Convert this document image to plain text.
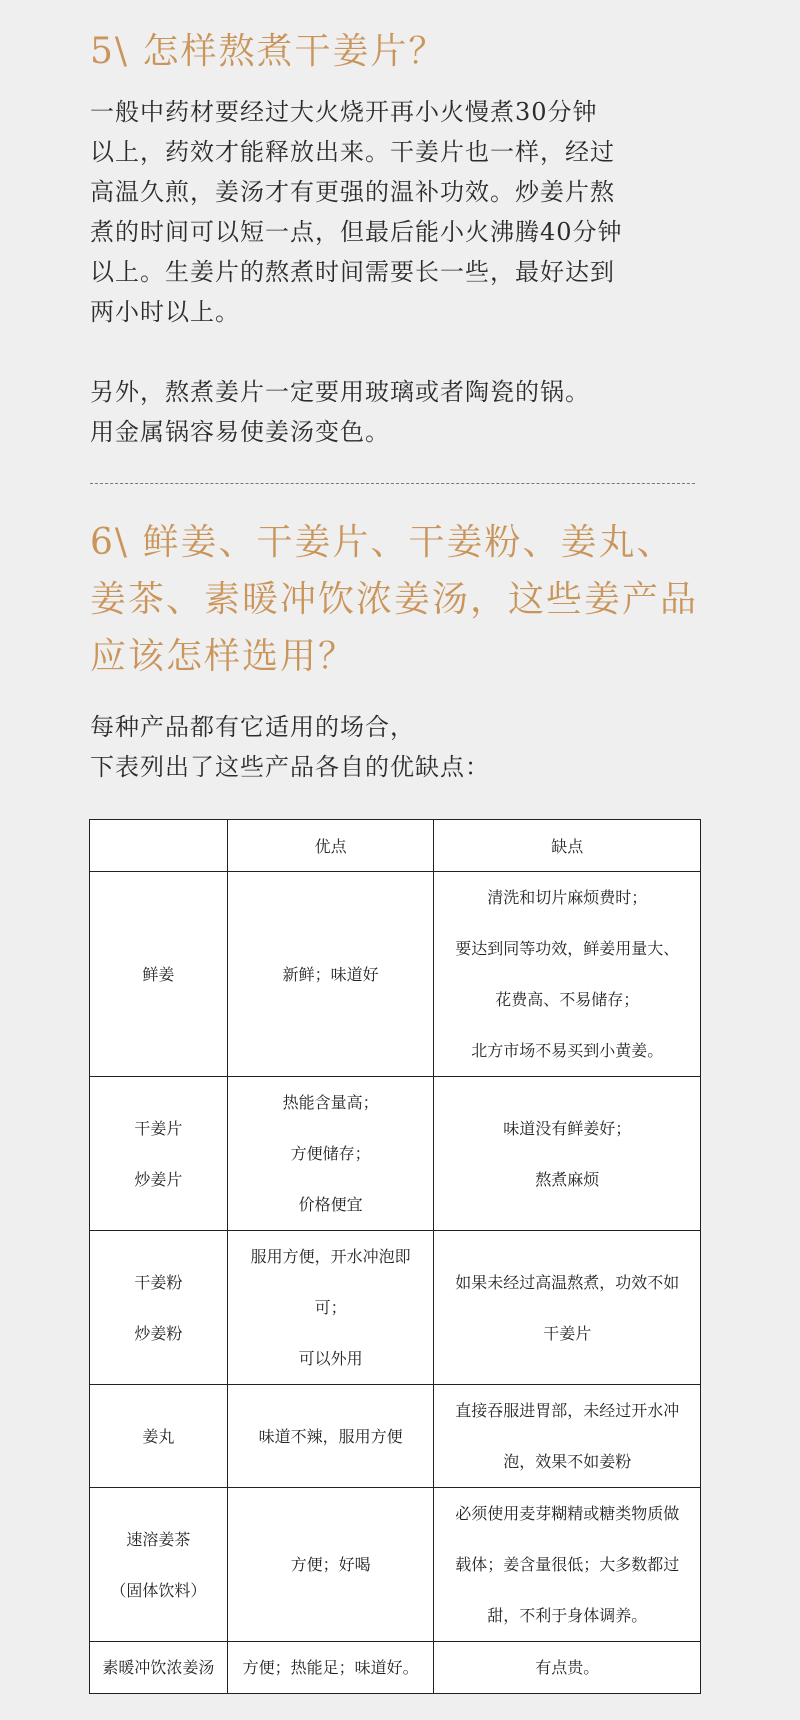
5\ 怎样熬煮干姜片？

一般中药材要经过大火烧开再小火慢煮30分钟
以上，药效才能释放出来。干姜片也一样，经过
高温久煎，姜汤才有更强的温补功效。炒姜片熬
煮的时间可以短一点，但最后能小火沸腾40分钟
以上。生姜片的熬煮时间需要长一些，最好达到
两小时以上。

另外，熬煮姜片一定要用玻璃或者陶瓷的锅。
用金属锅容易使姜汤变色。

6\ 鲜姜、干姜片、干姜粉、姜丸、
姜茶、素暖冲饮浓姜汤，这些姜产品
应该怎样选用？

每种产品都有它适用的场合，
下表列出了这些产品各自的优缺点：

	优点	缺点

鲜姜	新鲜；味道好	清洗和切片麻烦费时；
要达到同等功效，鲜姜用量大、
花费高、不易储存；
北方市场不易买到小黄姜。

干姜片
炒姜片	热能含量高；
方便储存；
价格便宜	味道没有鲜姜好；
熬煮麻烦

干姜粉
炒姜粉	服用方便，开水冲泡即可；
可以外用	如果未经过高温熬煮，功效不如
干姜片

姜丸	味道不辣，服用方便	直接吞服进胃部，未经过开水冲
泡，效果不如姜粉

速溶姜茶
（固体饮料）	方便；好喝	必须使用麦芽糊精或糖类物质做
载体；姜含量很低；大多数都过
甜，不利于身体调养。

素暖冲饮浓姜汤	方便；热能足；味道好。	有点贵。
